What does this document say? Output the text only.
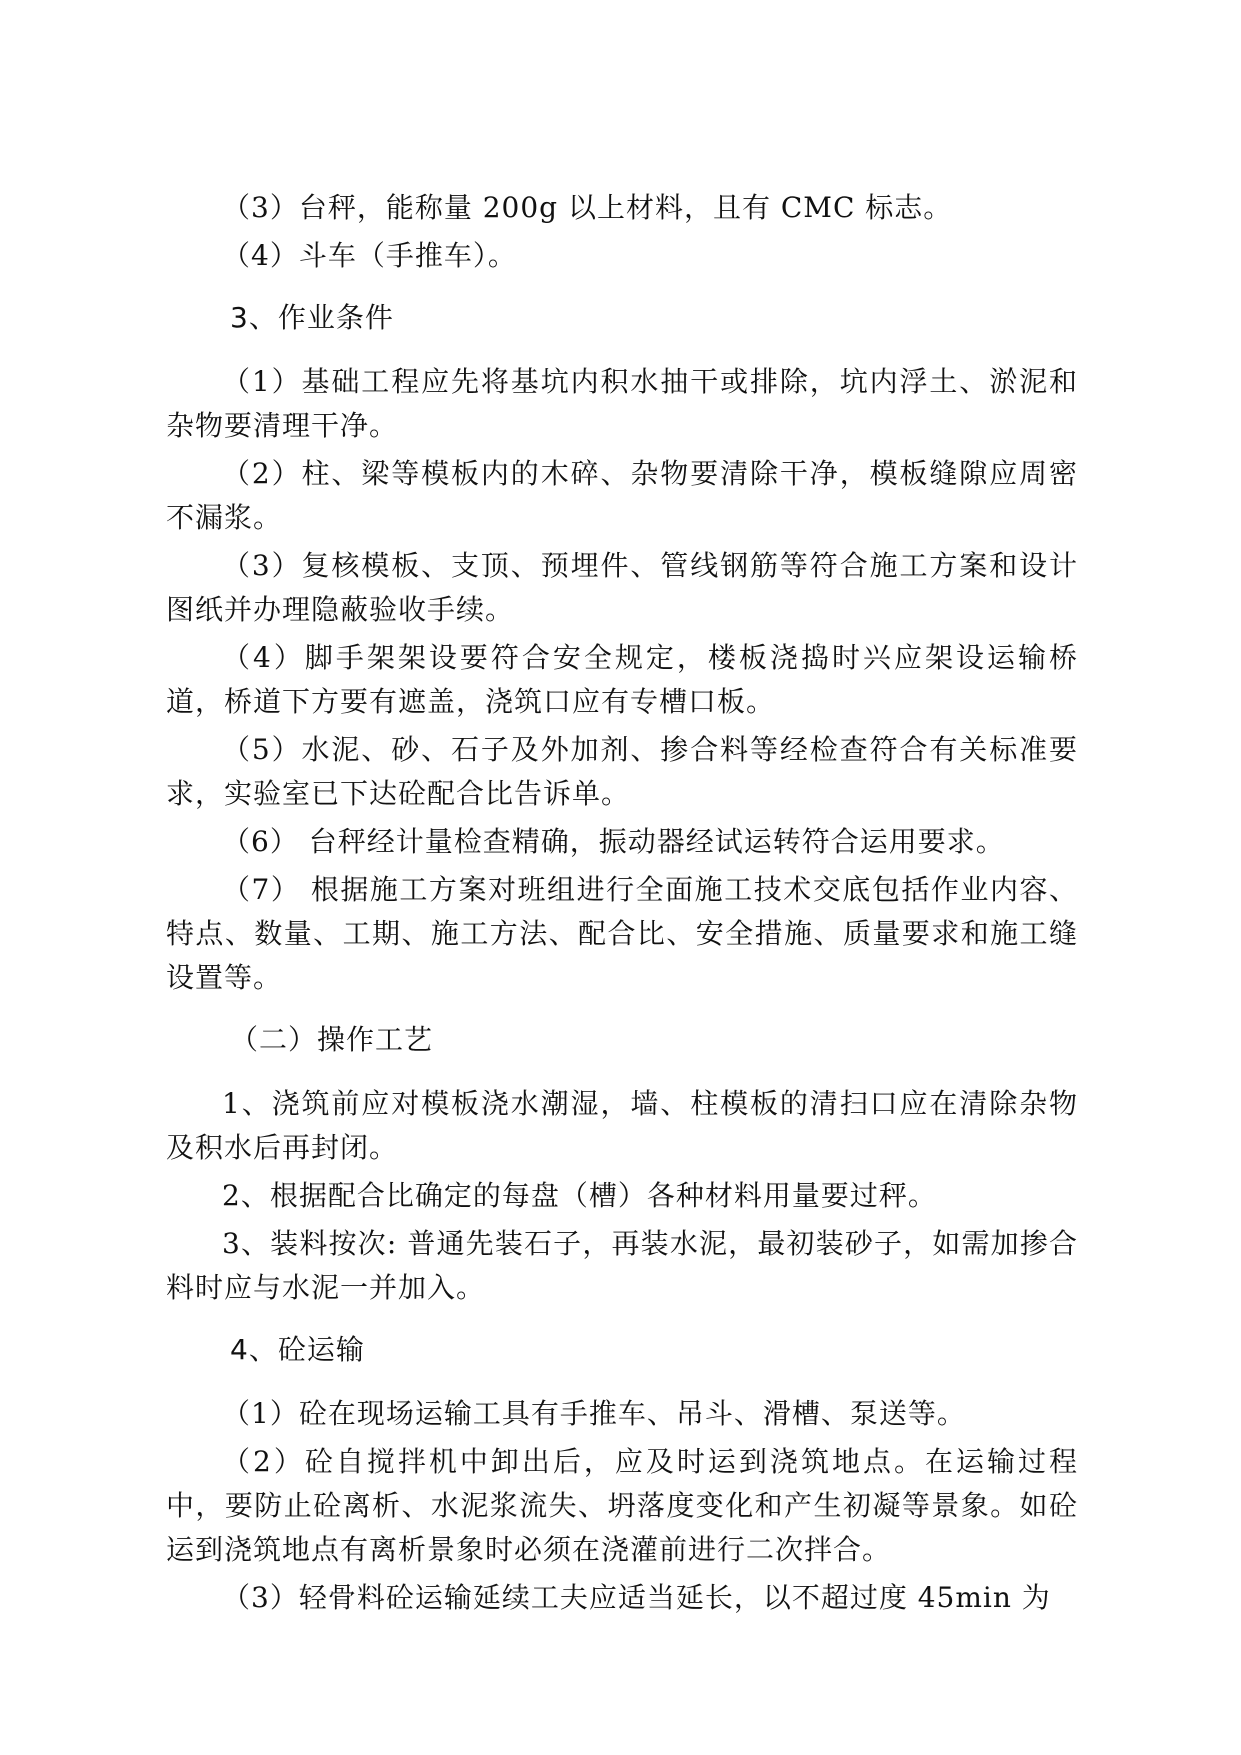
（3）台秤，能称量 200g 以上材料，且有 CMC 标志。

（4）斗车（手推车）。

3、作业条件

（1）基础工程应先将基坑内积水抽干或排除，坑内浮土、淤泥和杂物要清理干净。

（2）柱、梁等模板内的木碎、杂物要清除干净，模板缝隙应周密不漏浆。

（3）复核模板、支顶、预埋件、管线钢筋等符合施工方案和设计图纸并办理隐蔽验收手续。

（4）脚手架架设要符合安全规定，楼板浇捣时兴应架设运输桥道，桥道下方要有遮盖，浇筑口应有专槽口板。

（5）水泥、砂、石子及外加剂、掺合料等经检查符合有关标准要求，实验室已下达砼配合比告诉单。

（6） 台秤经计量检查精确，振动器经试运转符合运用要求。

（7） 根据施工方案对班组进行全面施工技术交底包括作业内容、特点、数量、工期、施工方法、配合比、安全措施、质量要求和施工缝设置等。

（二）操作工艺

1、浇筑前应对模板浇水潮湿，墙、柱模板的清扫口应在清除杂物及积水后再封闭。

2、根据配合比确定的每盘（槽）各种材料用量要过秤。

3、装料按次: 普通先装石子，再装水泥，最初装砂子，如需加掺合料时应与水泥一并加入。

4、砼运输

（1）砼在现场运输工具有手推车、吊斗、滑槽、泵送等。

（2）砼自搅拌机中卸出后，应及时运到浇筑地点。在运输过程中，要防止砼离析、水泥浆流失、坍落度变化和产生初凝等景象。如砼运到浇筑地点有离析景象时必须在浇灌前进行二次拌合。

（3）轻骨料砼运输延续工夫应适当延长，以不超过度 45min 为
